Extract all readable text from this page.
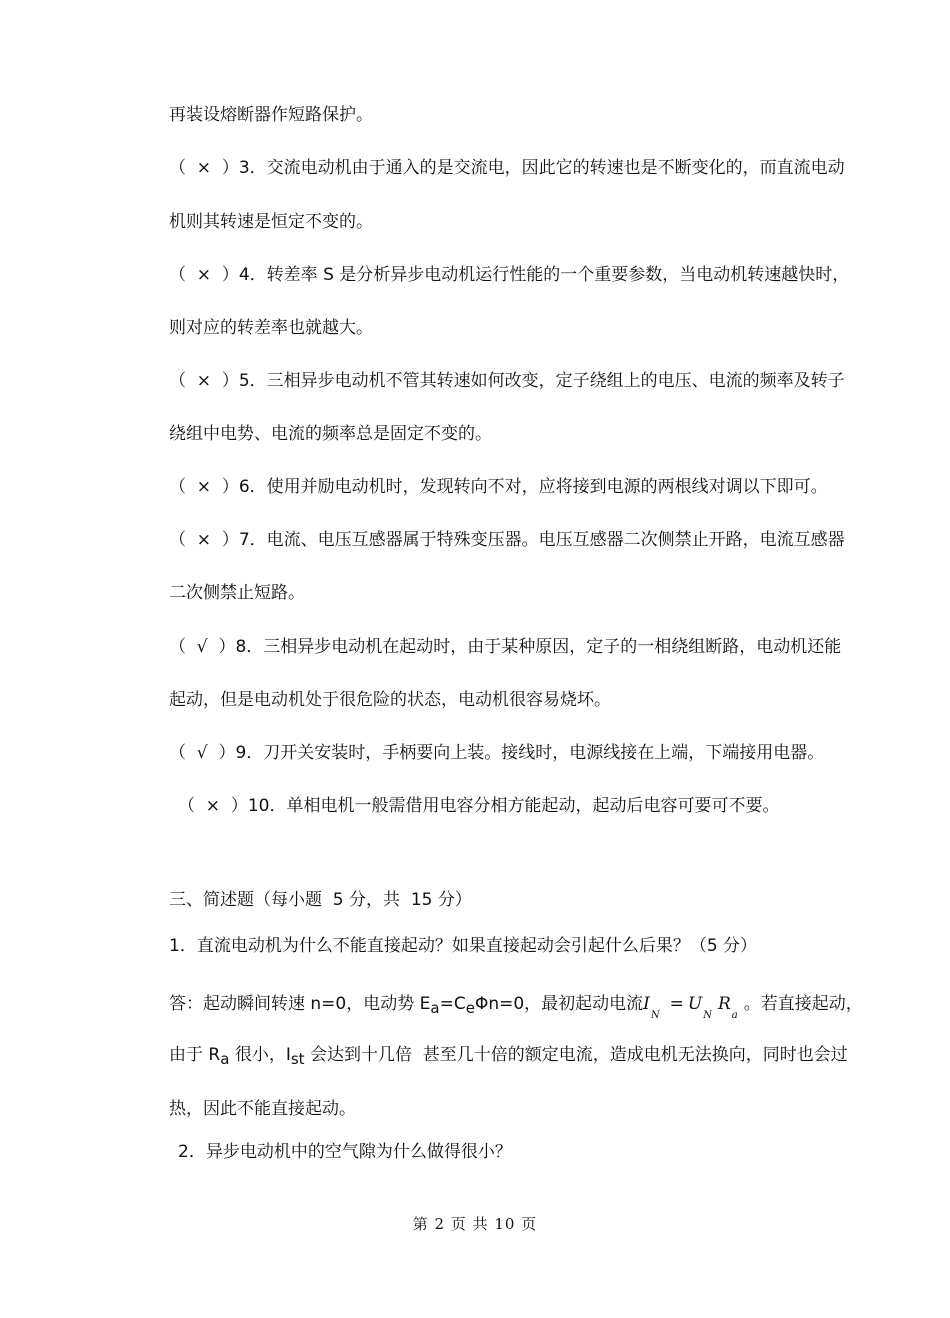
再装设熔断器作短路保护。
（  ×  ）3．交流电动机由于通入的是交流电，因此它的转速也是不断变化的，而直流电动
机则其转速是恒定不变的。
（  ×  ）4．转差率 S 是分析异步电动机运行性能的一个重要参数，当电动机转速越快时，
则对应的转差率也就越大。
（  ×  ）5．三相异步电动机不管其转速如何改变，定子绕组上的电压、电流的频率及转子
绕组中电势、电流的频率总是固定不变的。
（  ×  ）6．使用并励电动机时，发现转向不对，应将接到电源的两根线对调以下即可。
（  ×  ）7．电流、电压互感器属于特殊变压器。电压互感器二次侧禁止开路，电流互感器
二次侧禁止短路。
（  √  ）8．三相异步电动机在起动时，由于某种原因，定子的一相绕组断路，电动机还能
起动，但是电动机处于很危险的状态，电动机很容易烧坏。
（  √  ）9．刀开关安装时，手柄要向上装。接线时，电源线接在上端，下端接用电器。
（  ×  ）10．单相电机一般需借用电容分相方能起动，起动后电容可要可不要。
三、简述题（每小题  5 分，共  15 分）
1．直流电动机为什么不能直接起动？如果直接起动会引起什么后果？（5 分）
答：起动瞬间转速 n=0，电动势 $E_a=C_e\Phi n=0$，最初起动电流$I_N= U_NR_a$。若直接起动，
由于 $R_a$ 很小，$I_{st}$ 会达到十几倍  甚至几十倍的额定电流，造成电机无法换向，同时也会过
热，因此不能直接起动。
2．异步电动机中的空气隙为什么做得很小？
第 2 页 共 10 页
